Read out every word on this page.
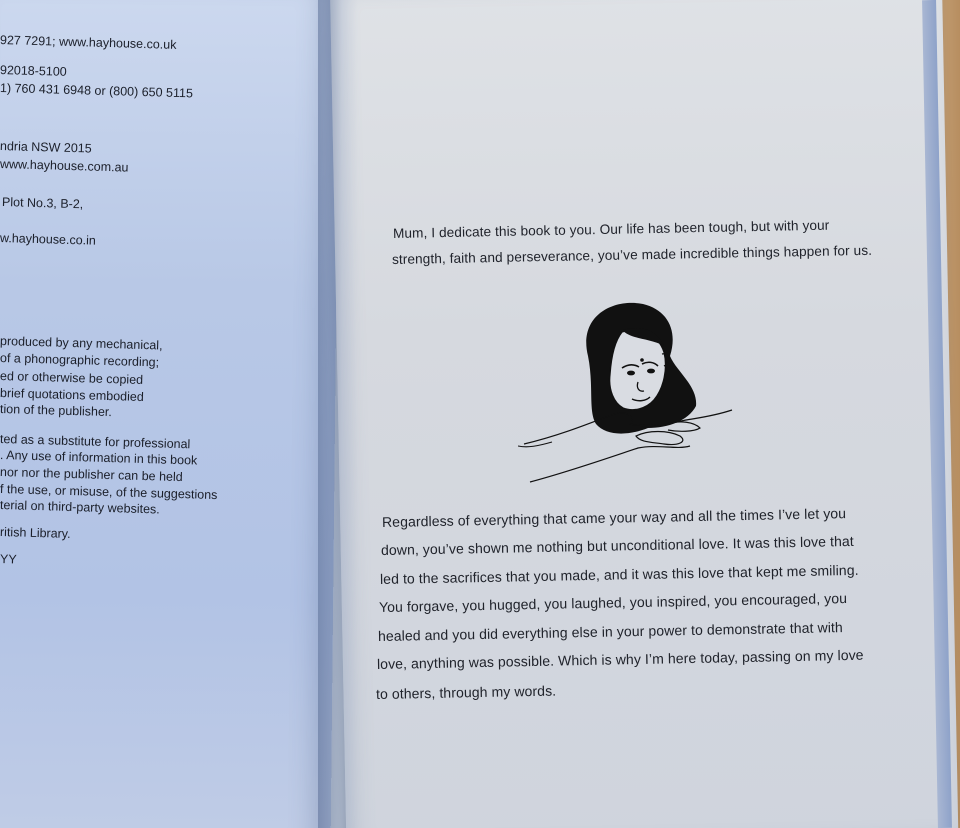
927 7291; www.hayhouse.co.uk
92018-5100
1) 760 431 6948 or (800) 650 5115
ndria NSW 2015
www.hayhouse.com.au
Plot No.3, B-2,
w.hayhouse.co.in
produced by any mechanical,
of a phonographic recording;
ed or otherwise be copied
brief quotations embodied
tion of the publisher.
ted as a substitute for professional
. Any use of information in this book
nor nor the publisher can be held
f the use, or misuse, of the suggestions
terial on third-party websites.
ritish Library.
YY
Mum, I dedicate this book to you. Our life has been tough, but with your
strength, faith and perseverance, you’ve made incredible things happen for us.
Regardless of everything that came your way and all the times I’ve let you
down, you’ve shown me nothing but unconditional love. It was this love that
led to the sacrifices that you made, and it was this love that kept me smiling.
You forgave, you hugged, you laughed, you inspired, you encouraged, you
healed and you did everything else in your power to demonstrate that with
love, anything was possible. Which is why I’m here today, passing on my love
to others, through my words.
